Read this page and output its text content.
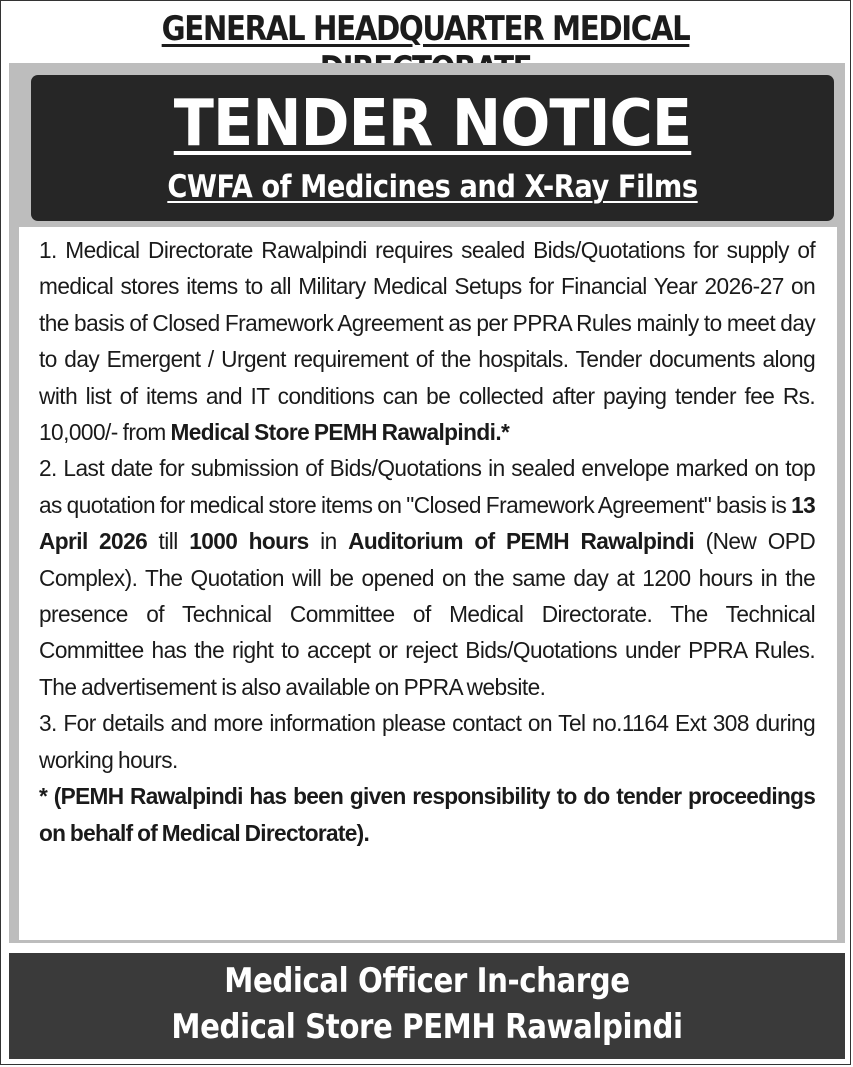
GENERAL HEADQUARTER MEDICAL
TENDER NOTICE
CWFA of Medicines and X-Ray Films

1. Medical Directorate Rawalpindi requires sealed Bids/Quotations for supply of medical stores items to all Military Medical Setups for Financial Year 2026-27 on the basis of Closed Framework Agreement as per PPRA Rules mainly to meet day to day Emergent / Urgent requirement of the hospitals. Tender documents along with list of items and IT conditions can be collected after paying tender fee Rs. 10,000/- from Medical Store PEMH Rawalpindi.*

2. Last date for submission of Bids/Quotations in sealed envelope marked on top as quotation for medical store items on "Closed Framework Agreement" basis is 13 April 2026 till 1000 hours in Auditorium of PEMH Rawalpindi (New OPD Complex). The Quotation will be opened on the same day at 1200 hours in the presence of Technical Committee of Medical Directorate. The Technical Committee has the right to accept or reject Bids/Quotations under PPRA Rules. The advertisement is also available on PPRA website.

3. For details and more information please contact on Tel no.1164 Ext 308 during working hours.

* (PEMH Rawalpindi has been given responsibility to do tender proceedings on behalf of Medical Directorate).

Medical Officer In-charge
Medical Store PEMH Rawalpindi
